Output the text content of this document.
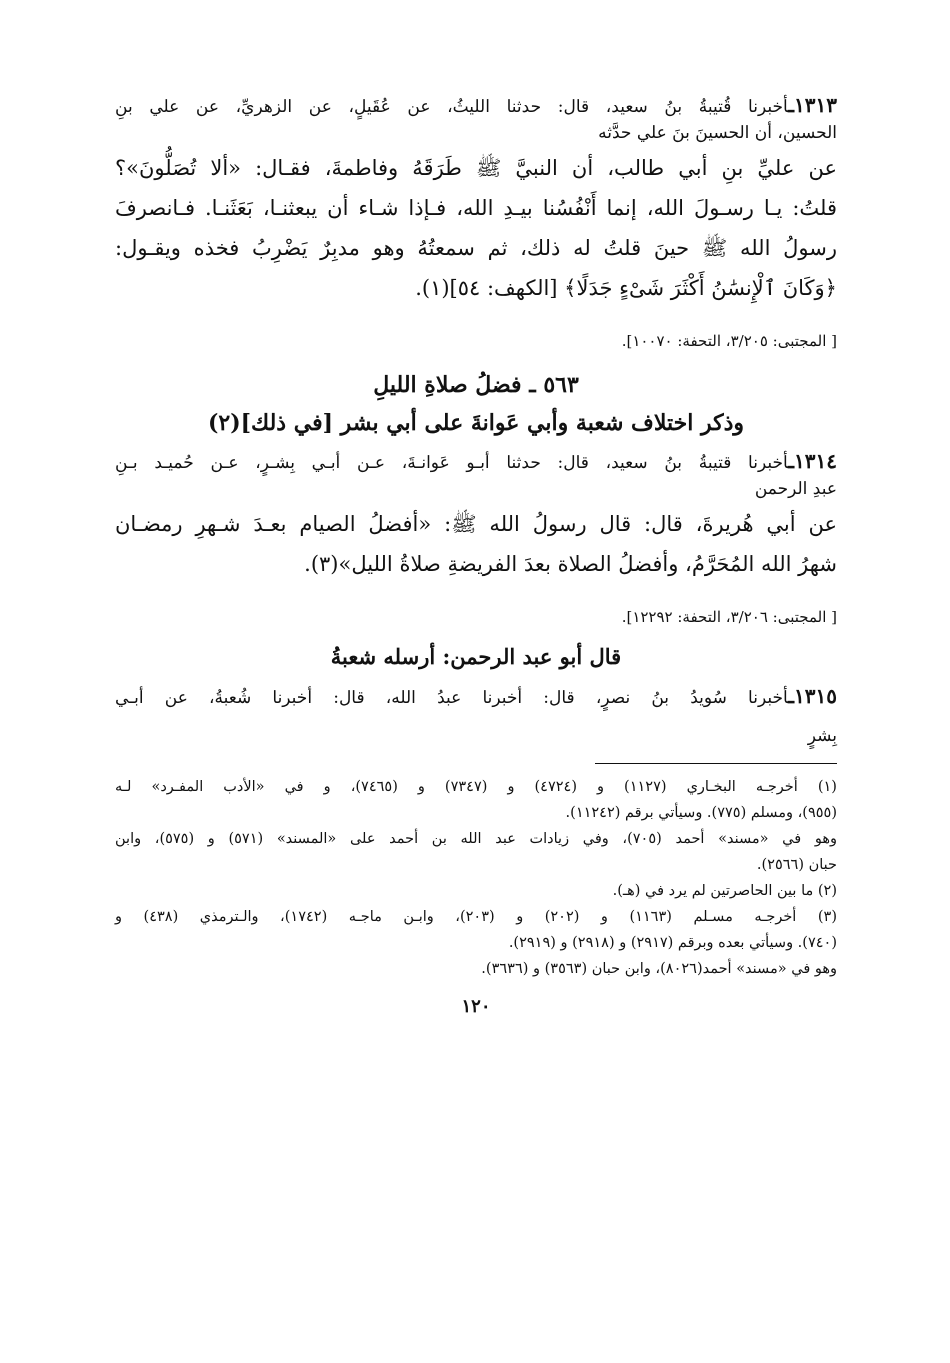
١٣١٣ـأخبرنا قُتيبةُ بنُ سعيد، قال: حدثنا الليثُ، عن عُقَيلٍ، عن الزهريِّ، عن علي بنِ

الحسين، أن الحسينَ بنَ علي حدَّثه

عن عليِّ بنِ أبي طالب، أن النبيَّ ﷺ طَرَقَهُ وفاطمةَ، فقـال: «ألا تُصَلُّونَ»؟

قلتُ: يـا رسـولَ الله، إنما أَنْفُسُنا بيـدِ الله، فـإذا شـاء أن يبعثنـا، بَعَثَنـا. فـانصرفَ

رسولُ الله ﷺ حينَ قلتُ له ذلك، ثم سمعتُهُ وهو مدبِرٌ يَضْرِبُ فخذه ويقـول:

﴿وَكَانَ ٱلْإِنسَٰنُ أَكْثَرَ شَىْءٍ جَدَلًا﴾ [الكهف: ٥٤](١).

[ المجتبى: ٣/٢٠٥، التحفة: ١٠٠٧٠].

٥٦٣ ـ فضلُ صلاةِ الليلِ
وذكر اختلاف شعبة وأبي عَوانةَ على أبي بشر [في ذلك](٢)

١٣١٤ـأخبرنا قتيبةُ بنُ سعيد، قال: حدثنا أبـو عَوانـةَ، عـن أبـي بِشـرٍ، عـن حُميـد بـنِ

عبدِ الرحمن

عن أبي هُريرةَ، قال: قال رسولُ الله ﷺ: «أفضلُ الصيام بعـدَ شـهرِ رمضـان

شهرُ الله المُحَرَّمُ، وأفضلُ الصلاة بعدَ الفريضةِ صلاةُ الليل»(٣).

[ المجتبى: ٣/٢٠٦، التحفة: ١٢٢٩٢].

قال أبو عبد الرحمن: أرسله شعبةُ

١٣١٥ـأخبرنا سُويدُ بنُ نصرٍ، قال: أخبرنا عبدُ الله، قال: أخبرنا شُعبةُ، عن أبـي

بِشرٍ

(١) أخرجـه البخـاري (١١٢٧) و (٤٧٢٤) و (٧٣٤٧) و (٧٤٦٥)، و في «الأدب المفـرد» لـه

(٩٥٥)، ومسلم (٧٧٥). وسيأتي برقم (١١٢٤٢).

وهو في «مسند» أحمد (٧٠٥)، وفي زيادات عبد الله بن أحمد على «المسند» (٥٧١) و (٥٧٥)، وابن

حبان (٢٥٦٦).

(٢) ما بين الحاصرتين لم يرد في (هـ).

(٣) أخرجـه مسـلم (١١٦٣) و (٢٠٢) و (٢٠٣)، وابـن ماجـه (١٧٤٢)، والـترمذي (٤٣٨) و

(٧٤٠). وسيأتي بعده وبرقم (٢٩١٧) و (٢٩١٨) و (٢٩١٩).

وهو في «مسند» أحمد(٨٠٢٦)، وابن حبان (٣٥٦٣) و (٣٦٣٦).

١٢٠
